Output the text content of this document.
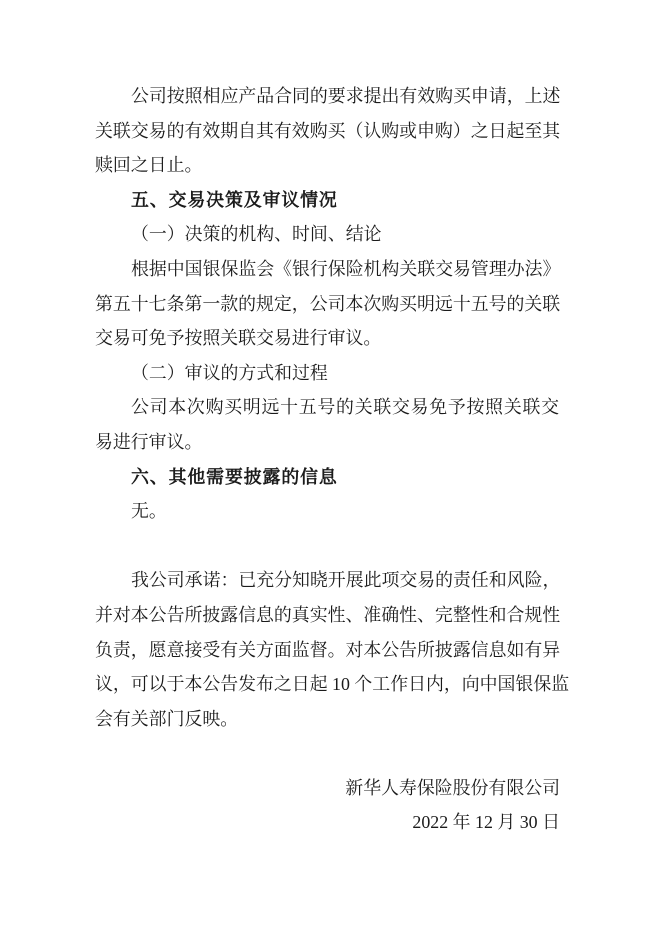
公司按照相应产品合同的要求提出有效购买申请，上述
关联交易的有效期自其有效购买（认购或申购）之日起至其
赎回之日止。
五、交易决策及审议情况
（一）决策的机构、时间、结论
根据中国银保监会《银行保险机构关联交易管理办法》
第五十七条第一款的规定，公司本次购买明远十五号的关联
交易可免予按照关联交易进行审议。
（二）审议的方式和过程
公司本次购买明远十五号的关联交易免予按照关联交
易进行审议。
六、其他需要披露的信息
无。
我公司承诺：已充分知晓开展此项交易的责任和风险，
并对本公告所披露信息的真实性、准确性、完整性和合规性
负责，愿意接受有关方面监督。对本公告所披露信息如有异
议，可以于本公告发布之日起 10 个工作日内，向中国银保监
会有关部门反映。
新华人寿保险股份有限公司
2022 年 12 月 30 日
